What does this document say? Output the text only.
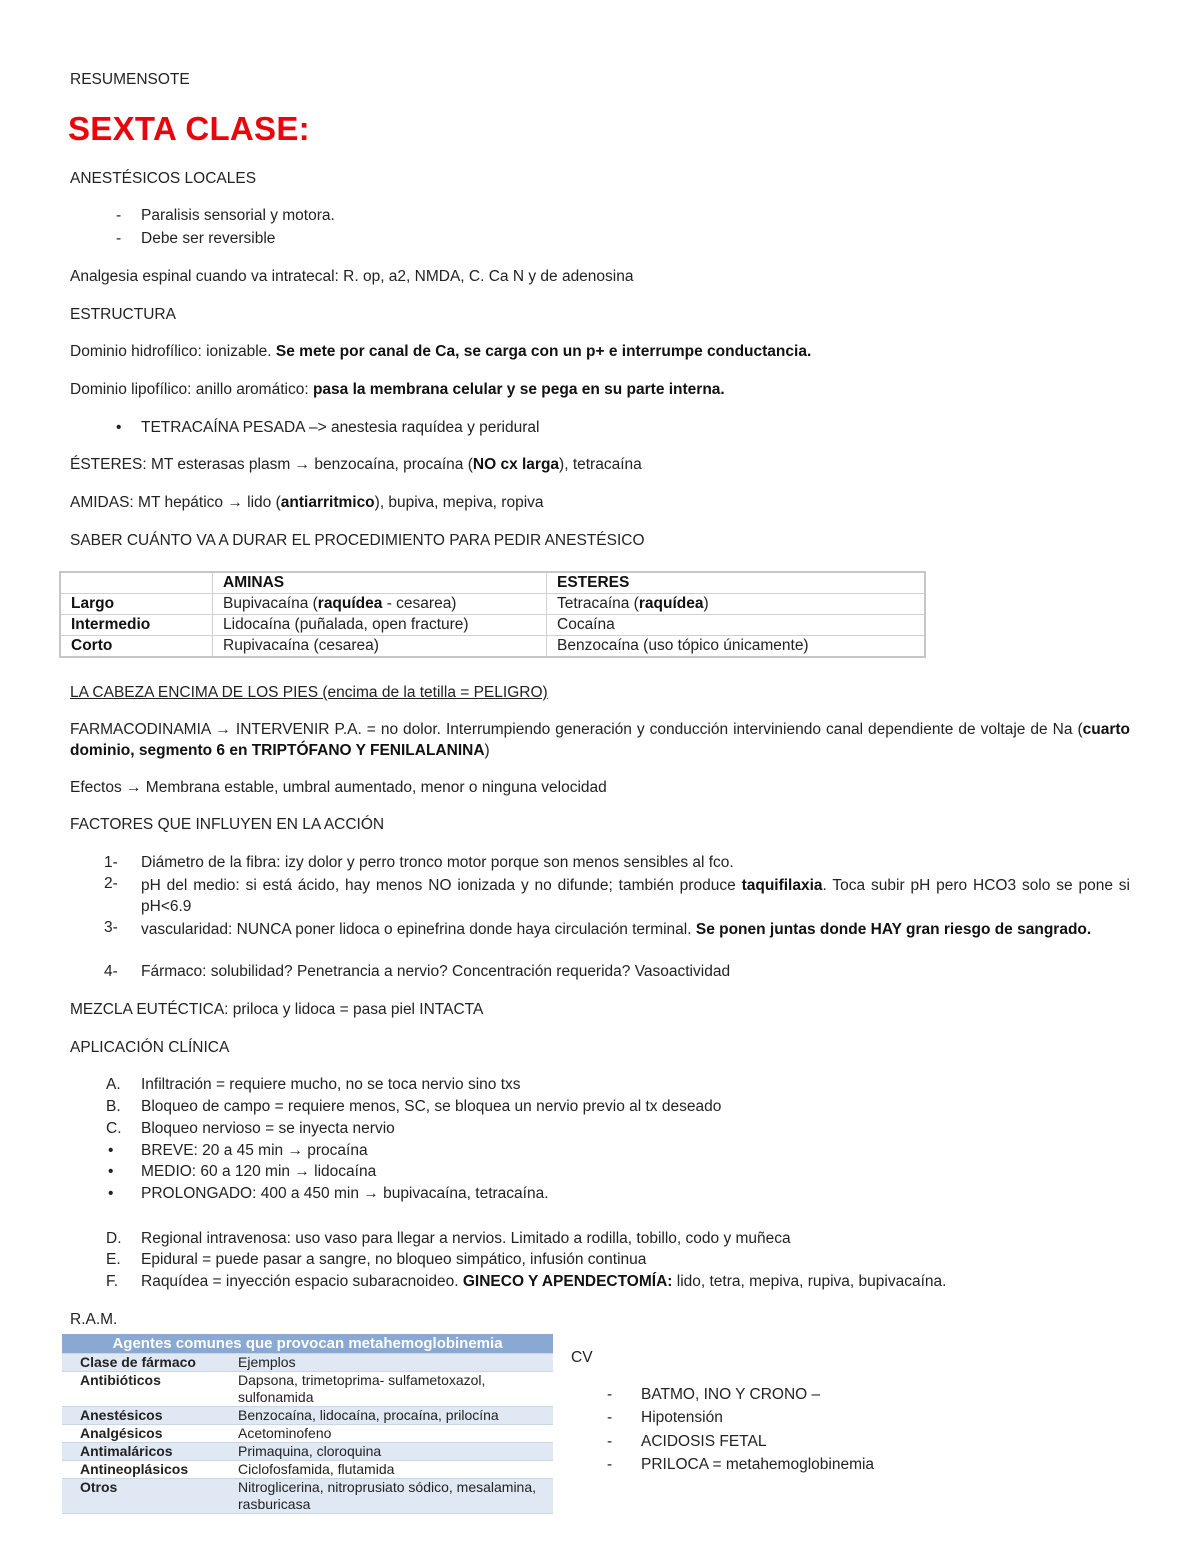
RESUMENSOTE
SEXTA CLASE:
ANESTÉSICOS LOCALES
- Paralisis sensorial y motora.
- Debe ser reversible
Analgesia espinal cuando va intratecal: R. op, a2, NMDA, C. Ca N y de adenosina
ESTRUCTURA
Dominio hidrofílico: ionizable. Se mete por canal de Ca, se carga con un p+ e interrumpe conductancia.
Dominio lipofílico: anillo aromático: pasa la membrana celular y se pega en su parte interna.
• TETRACAÍNA PESADA –> anestesia raquídea y peridural
ÉSTERES: MT esterasas plasm → benzocaína, procaína (NO cx larga), tetracaína
AMIDAS: MT hepático → lido (antiarritmico), bupiva, mepiva, ropiva
SABER CUÁNTO VA A DURAR EL PROCEDIMIENTO PARA PEDIR ANESTÉSICO
	AMINAS	ESTERES
Largo	Bupivacaína (raquídea - cesarea)	Tetracaína (raquídea)
Intermedio	Lidocaína (puñalada, open fracture)	Cocaína
Corto	Rupivacaína (cesarea)	Benzocaína (uso tópico únicamente)
LA CABEZA ENCIMA DE LOS PIES (encima de la tetilla = PELIGRO)
FARMACODINAMIA → INTERVENIR P.A. = no dolor. Interrumpiendo generación y conducción interviniendo canal dependiente de voltaje de Na (cuarto dominio, segmento 6 en TRIPTÓFANO Y FENILALANINA)
Efectos → Membrana estable, umbral aumentado, menor o ninguna velocidad
FACTORES QUE INFLUYEN EN LA ACCIÓN
1- Diámetro de la fibra: izy dolor y perro tronco motor porque son menos sensibles al fco.
2- pH del medio: si está ácido, hay menos NO ionizada y no difunde; también produce taquifilaxia. Toca subir pH pero HCO3 solo se pone si pH<6.9
3- vascularidad: NUNCA poner lidoca o epinefrina donde haya circulación terminal. Se ponen juntas donde HAY gran riesgo de sangrado.
4- Fármaco: solubilidad? Penetrancia a nervio? Concentración requerida? Vasoactividad
MEZCLA EUTÉCTICA: priloca y lidoca = pasa piel INTACTA
APLICACIÓN CLÍNICA
A. Infiltración = requiere mucho, no se toca nervio sino txs
B. Bloqueo de campo = requiere menos, SC, se bloquea un nervio previo al tx deseado
C. Bloqueo nervioso = se inyecta nervio
• BREVE: 20 a 45 min → procaína
• MEDIO: 60 a 120 min → lidocaína
• PROLONGADO: 400 a 450 min → bupivacaína, tetracaína.
D. Regional intravenosa: uso vaso para llegar a nervios. Limitado a rodilla, tobillo, codo y muñeca
E. Epidural = puede pasar a sangre, no bloqueo simpático, infusión continua
F. Raquídea = inyección espacio subaracnoideo. GINECO Y APENDECTOMÍA: lido, tetra, mepiva, rupiva, bupivacaína.
R.A.M.
Agentes comunes que provocan metahemoglobinemia	
Clase de fármaco	Ejemplos
Antibióticos	Dapsona, trimetoprima- sulfametoxazol, sulfonamida
Anestésicos	Benzocaína, lidocaína, procaína, prilocína
Analgésicos	Acetominofeno
Antimaláricos	Primaquina, cloroquina
Antineoplásicos	Ciclofosfamida, flutamida
Otros	Nitroglicerina, nitroprusiato sódico, mesalamina, rasburicasa
CV
- BATMO, INO Y CRONO –
- Hipotensión
- ACIDOSIS FETAL
- PRILOCA = metahemoglobinemia
